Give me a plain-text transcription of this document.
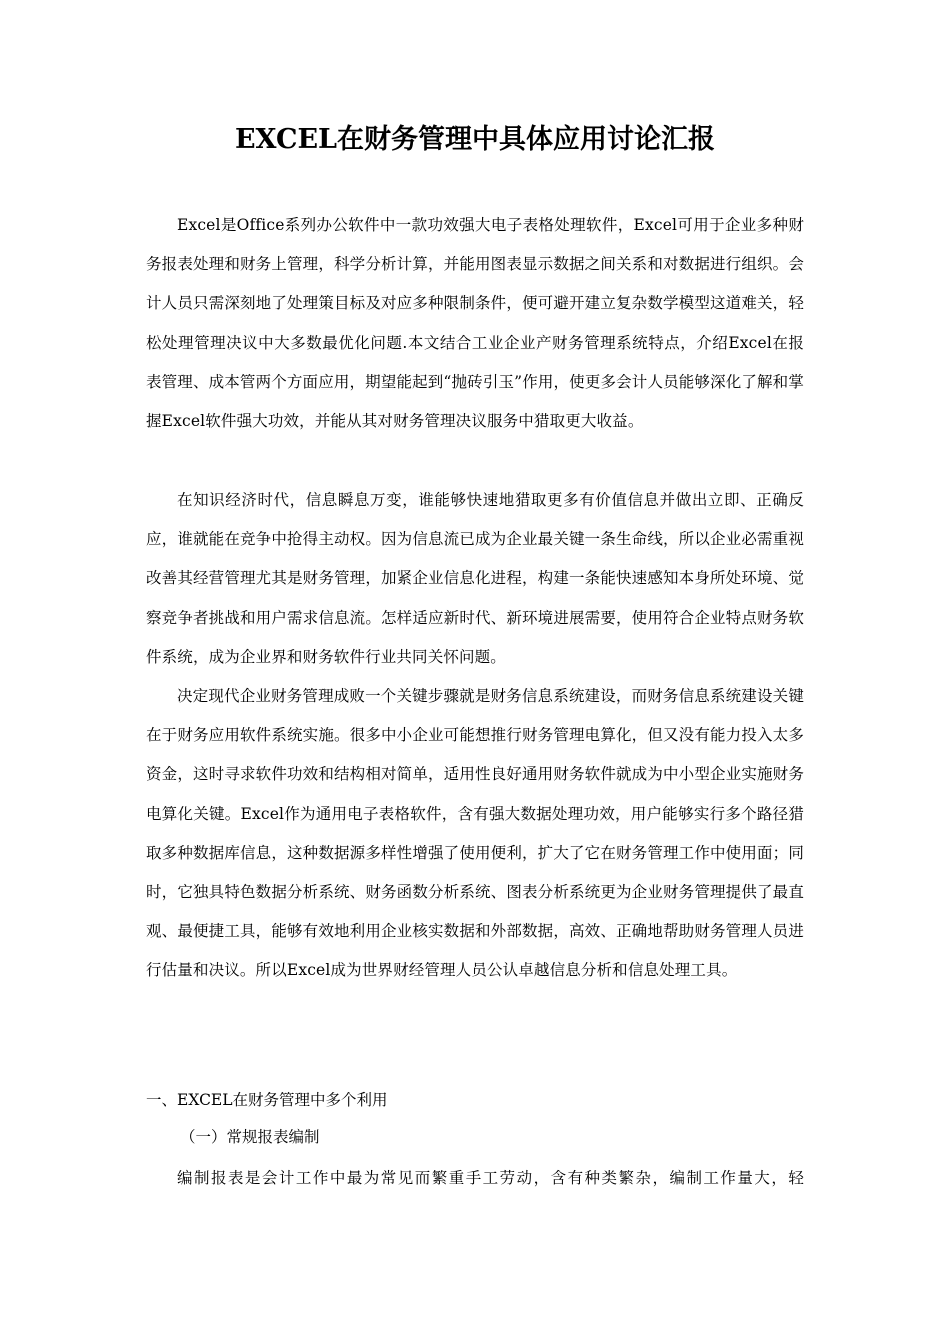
EXCEL在财务管理中具体应用讨论汇报

Excel是Office系列办公软件中一款功效强大电子表格处理软件，Excel可用于企业多种财务报表处理和财务上管理，科学分析计算，并能用图表显示数据之间关系和对数据进行组织。会计人员只需深刻地了处理策目标及对应多种限制条件，便可避开建立复杂数学模型这道难关，轻松处理管理决议中大多数最优化问题.本文结合工业企业产财务管理系统特点，介绍Excel在报表管理、成本管两个方面应用，期望能起到“抛砖引玉”作用，使更多会计人员能够深化了解和掌握Excel软件强大功效，并能从其对财务管理决议服务中猎取更大收益。

在知识经济时代，信息瞬息万变，谁能够快速地猎取更多有价值信息并做出立即、正确反应，谁就能在竞争中抢得主动权。因为信息流已成为企业最关键一条生命线，所以企业必需重视改善其经营管理尤其是财务管理，加紧企业信息化进程，构建一条能快速感知本身所处环境、觉察竞争者挑战和用户需求信息流。怎样适应新时代、新环境进展需要，使用符合企业特点财务软件系统，成为企业界和财务软件行业共同关怀问题。

决定现代企业财务管理成败一个关键步骤就是财务信息系统建设，而财务信息系统建设关键在于财务应用软件系统实施。很多中小企业可能想推行财务管理电算化，但又没有能力投入太多资金，这时寻求软件功效和结构相对简单，适用性良好通用财务软件就成为中小型企业实施财务电算化关键。Excel作为通用电子表格软件，含有强大数据处理功效，用户能够实行多个路径猎取多种数据库信息，这种数据源多样性增强了使用便利，扩大了它在财务管理工作中使用面；同时，它独具特色数据分析系统、财务函数分析系统、图表分析系统更为企业财务管理提供了最直观、最便捷工具，能够有效地利用企业核实数据和外部数据，高效、正确地帮助财务管理人员进行估量和决议。所以Excel成为世界财经管理人员公认卓越信息分析和信息处理工具。

一、EXCEL在财务管理中多个利用
（一）常规报表编制

编制报表是会计工作中最为常见而繁重手工劳动，含有种类繁杂，编制工作量大，轻
